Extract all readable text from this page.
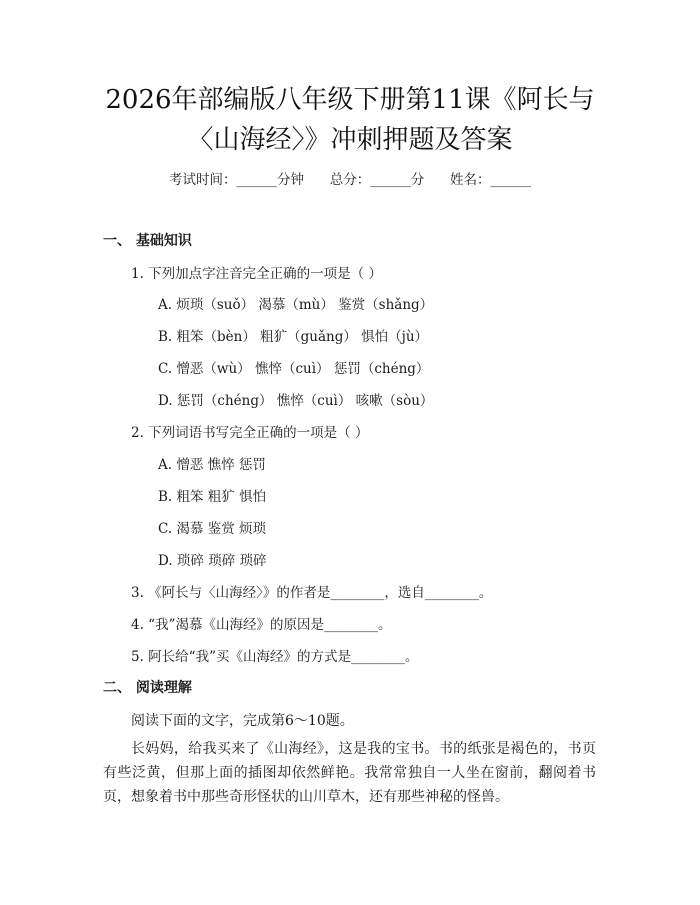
2026年部编版八年级下册第11课《阿长与
〈山海经〉》冲刺押题及答案
考试时间：______分钟      总分：______分      姓名：______
一、 基础知识
1. 下列加点字注音完全正确的一项是（ ）
A. 烦琐（suǒ） 渴慕（mù） 鉴赏（shǎng）
B. 粗笨（bèn） 粗犷（guǎng） 惧怕（jù）
C. 憎恶（wù） 憔悴（cuì） 惩罚（chéng）
D. 惩罚（chéng） 憔悴（cuì） 咳嗽（sòu）
2. 下列词语书写完全正确的一项是（ ）
A. 憎恶 憔悴 惩罚
B. 粗笨 粗犷 惧怕
C. 渴慕 鉴赏 烦琐
D. 琐碎 琐碎 琐碎
3. 《阿长与〈山海经〉》的作者是________，选自________。
4. “我”渴慕《山海经》的原因是________。
5. 阿长给“我”买《山海经》的方式是________。
二、 阅读理解
阅读下面的文字，完成第6～10题。
长妈妈，给我买来了《山海经》，这是我的宝书。书的纸张是褐色的，书页有些泛黄，但那上面的插图却依然鲜艳。我常常独自一人坐在窗前，翻阅着书页，想象着书中那些奇形怪状的山川草木，还有那些神秘的怪兽。
